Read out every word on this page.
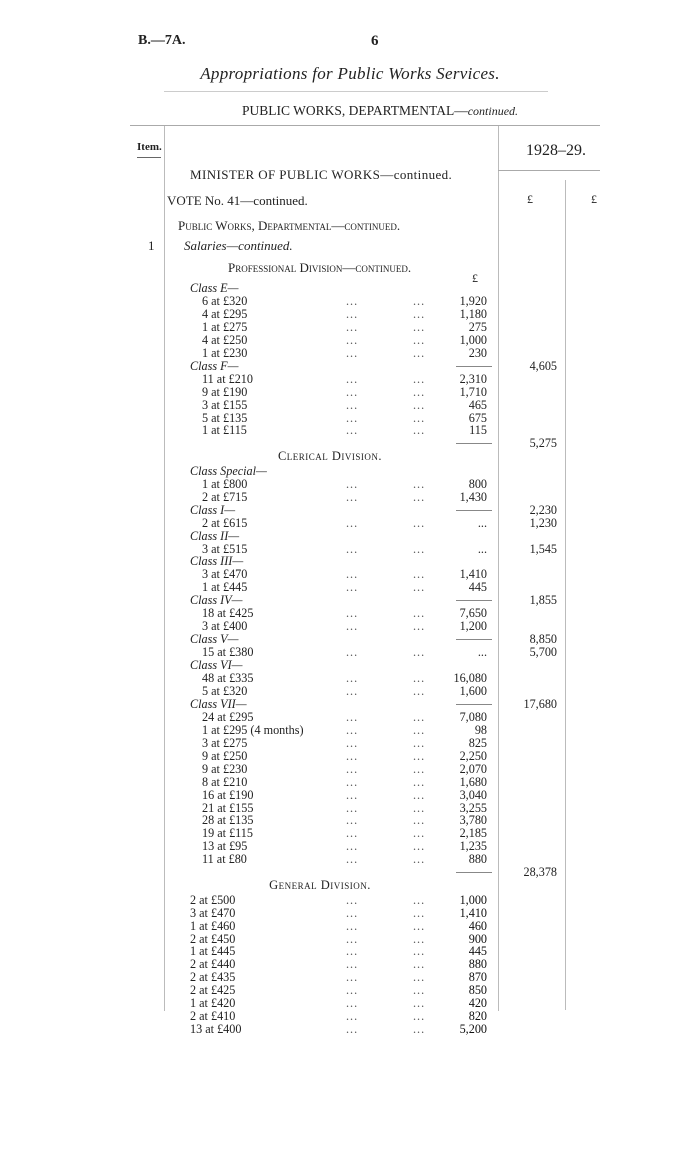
B.—7A.	6
Appropriations for Public Works Services.
PUBLIC WORKS, DEPARTMENTAL—continued.
Item.	1928–29.
£	£
MINISTER OF PUBLIC WORKS—continued.
VOTE No. 41—continued.
Public Works, Departmental—continued.
1 Salaries—continued.
Professional Division—continued.
£
Class E—
6 at £320	...	...	1,920
4 at £295	...	...	1,180
1 at £275	...	...	275
4 at £250	...	...	1,000
1 at £230	...	...	230
Class F—	4,605
11 at £210	...	...	2,310
9 at £190	...	...	1,710
3 at £155	...	...	465
5 at £135	...	...	675
1 at £115	...	...	115
5,275
Clerical Division.
Class Special—
1 at £800	...	...	800
2 at £715	...	...	1,430
Class I—	2,230
2 at £615	...	...	...	1,230
Class II—
3 at £515	...	...	...	1,545
Class III—
3 at £470	...	...	1,410
1 at £445	...	...	445
Class IV—	1,855
18 at £425	...	...	7,650
3 at £400	...	...	1,200
Class V—	8,850
15 at £380	...	...	...	5,700
Class VI—
48 at £335	...	... 16,080
5 at £320	...	...	1,600
Class VII—	17,680
24 at £295	...	...	7,080
1 at £295 (4 months)	...	...	98
3 at £275	...	...	825
9 at £250	...	...	2,250
9 at £230	...	...	2,070
8 at £210	...	...	1,680
16 at £190	...	...	3,040
21 at £155	...	...	3,255
28 at £135	...	...	3,780
19 at £115	...	...	2,185
13 at £95	...	...	1,235
11 at £80	...	...	880
28,378
General Division.
2 at £500	...	...	1,000
3 at £470	...	...	1,410
1 at £460	...	...	460
2 at £450	...	...	900
1 at £445	...	...	445
2 at £440	...	...	880
2 at £435	...	...	870
2 at £425	...	...	850
1 at £420	...	...	420
2 at £410	...	...	820
13 at £400	...	...	5,200
